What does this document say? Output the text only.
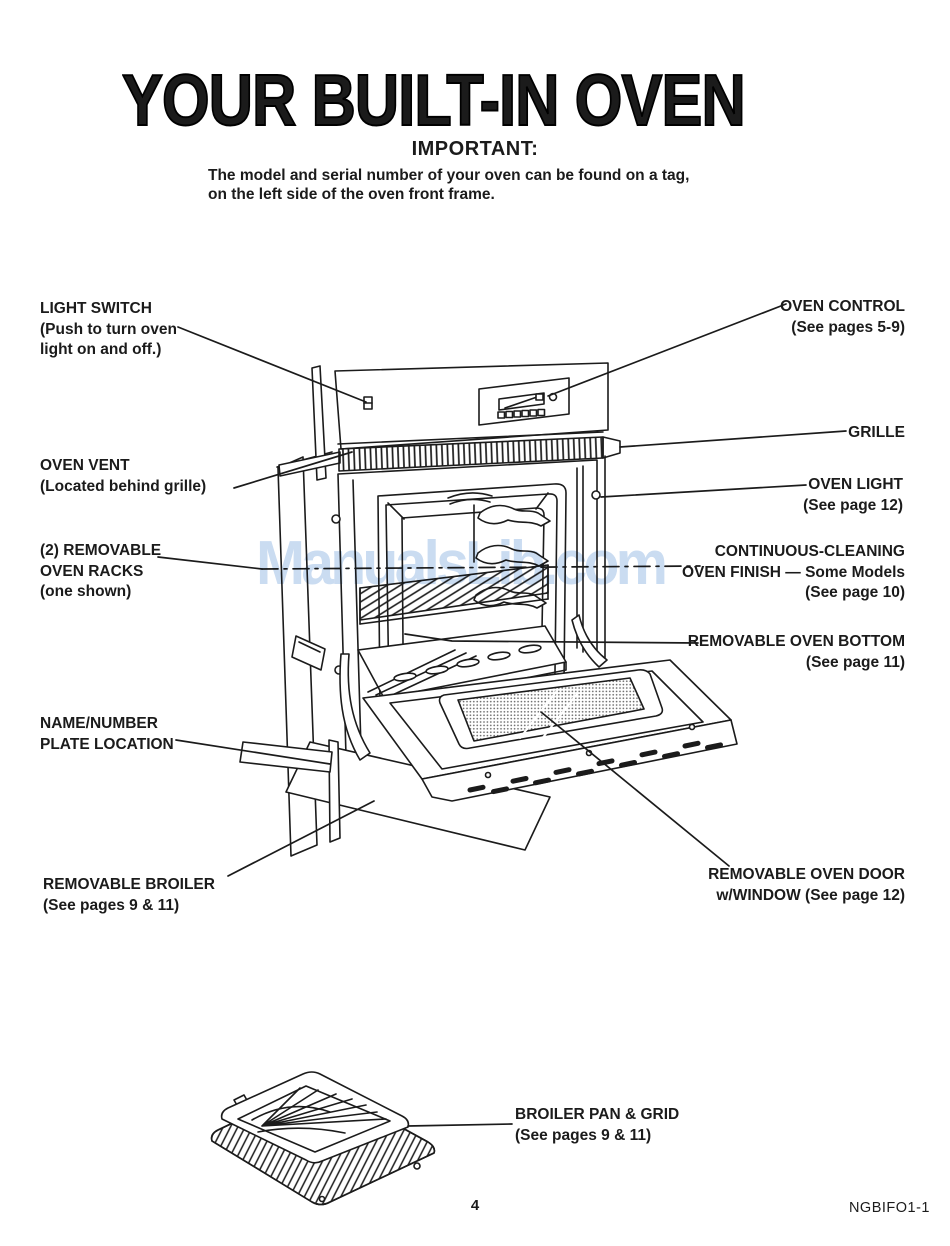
YOUR BUILT-IN OVEN
IMPORTANT:
The model and serial number of your oven can be found on a tag,
on the left side of the oven front frame.
ManualsLib.com
LIGHT SWITCH
(Push to turn oven
light on and off.)
OVEN VENT
(Located behind grille)
(2) REMOVABLE
OVEN RACKS
(one shown)
NAME/NUMBER
PLATE LOCATION
REMOVABLE BROILER
(See pages 9 & 11)
OVEN CONTROL
(See pages 5-9)
GRILLE
OVEN LIGHT
(See page 12)
CONTINUOUS-CLEANING
OVEN FINISH — Some Models
(See page 10)
REMOVABLE OVEN BOTTOM
(See page 11)
REMOVABLE OVEN DOOR
w/WINDOW (See page 12)
BROILER PAN & GRID
(See pages 9 & 11)
4	NGBIFO1-1
